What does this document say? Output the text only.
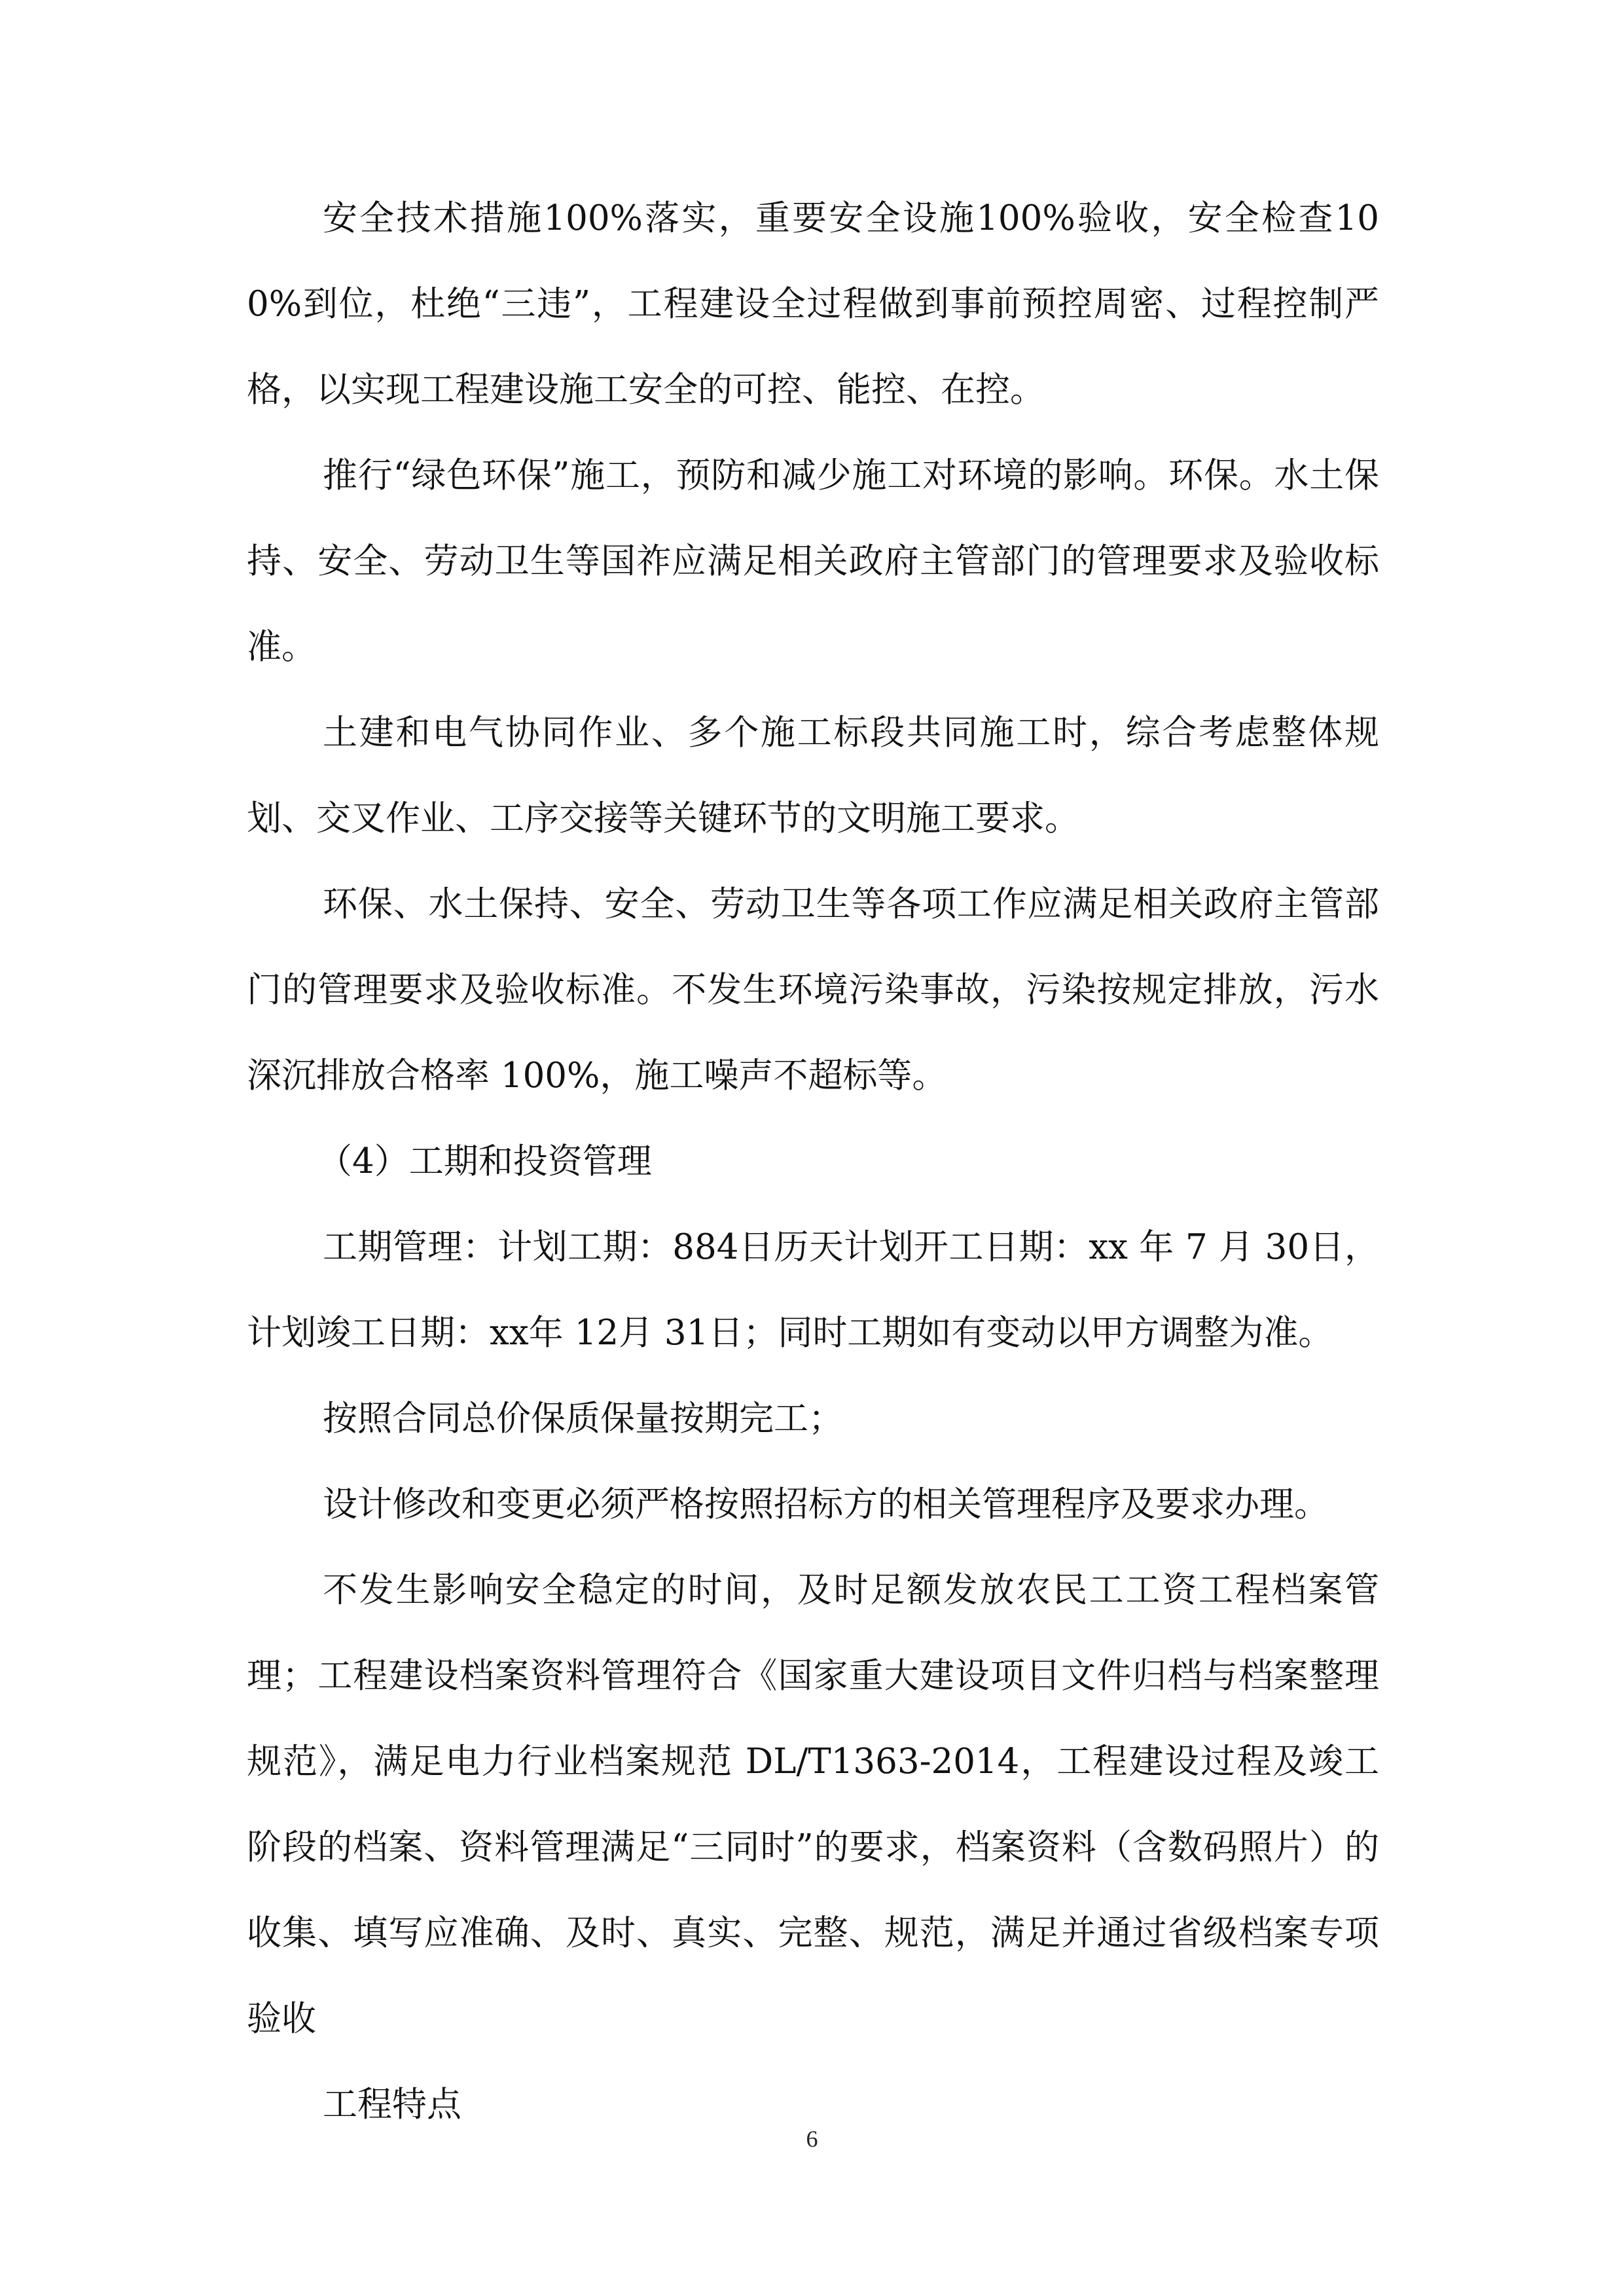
安全技术措施100%落实，重要安全设施100%验收，安全检查100%到位，杜绝“三违”，工程建设全过程做到事前预控周密、过程控制严格，以实现工程建设施工安全的可控、能控、在控。

推行“绿色环保”施工，预防和减少施工对环境的影响。环保。水土保持、安全、劳动卫生等国祚应满足相关政府主管部门的管理要求及验收标准。

土建和电气协同作业、多个施工标段共同施工时，综合考虑整体规划、交叉作业、工序交接等关键环节的文明施工要求。

环保、水土保持、安全、劳动卫生等各项工作应满足相关政府主管部门的管理要求及验收标准。不发生环境污染事故，污染按规定排放，污水深沉排放合格率 100%，施工噪声不超标等。

（4）工期和投资管理

工期管理：计划工期：884日历天计划开工日期：xx 年 7 月 30日，计划竣工日期：xx年 12月 31日；同时工期如有变动以甲方调整为准。

按照合同总价保质保量按期完工；

设计修改和变更必须严格按照招标方的相关管理程序及要求办理。

不发生影响安全稳定的时间，及时足额发放农民工工资工程档案管理；工程建设档案资料管理符合《国家重大建设项目文件归档与档案整理规范》，满足电力行业档案规范 DL/T1363-2014，工程建设过程及竣工阶段的档案、资料管理满足“三同时”的要求，档案资料（含数码照片）的收集、填写应准确、及时、真实、完整、规范，满足并通过省级档案专项验收

工程特点

6
